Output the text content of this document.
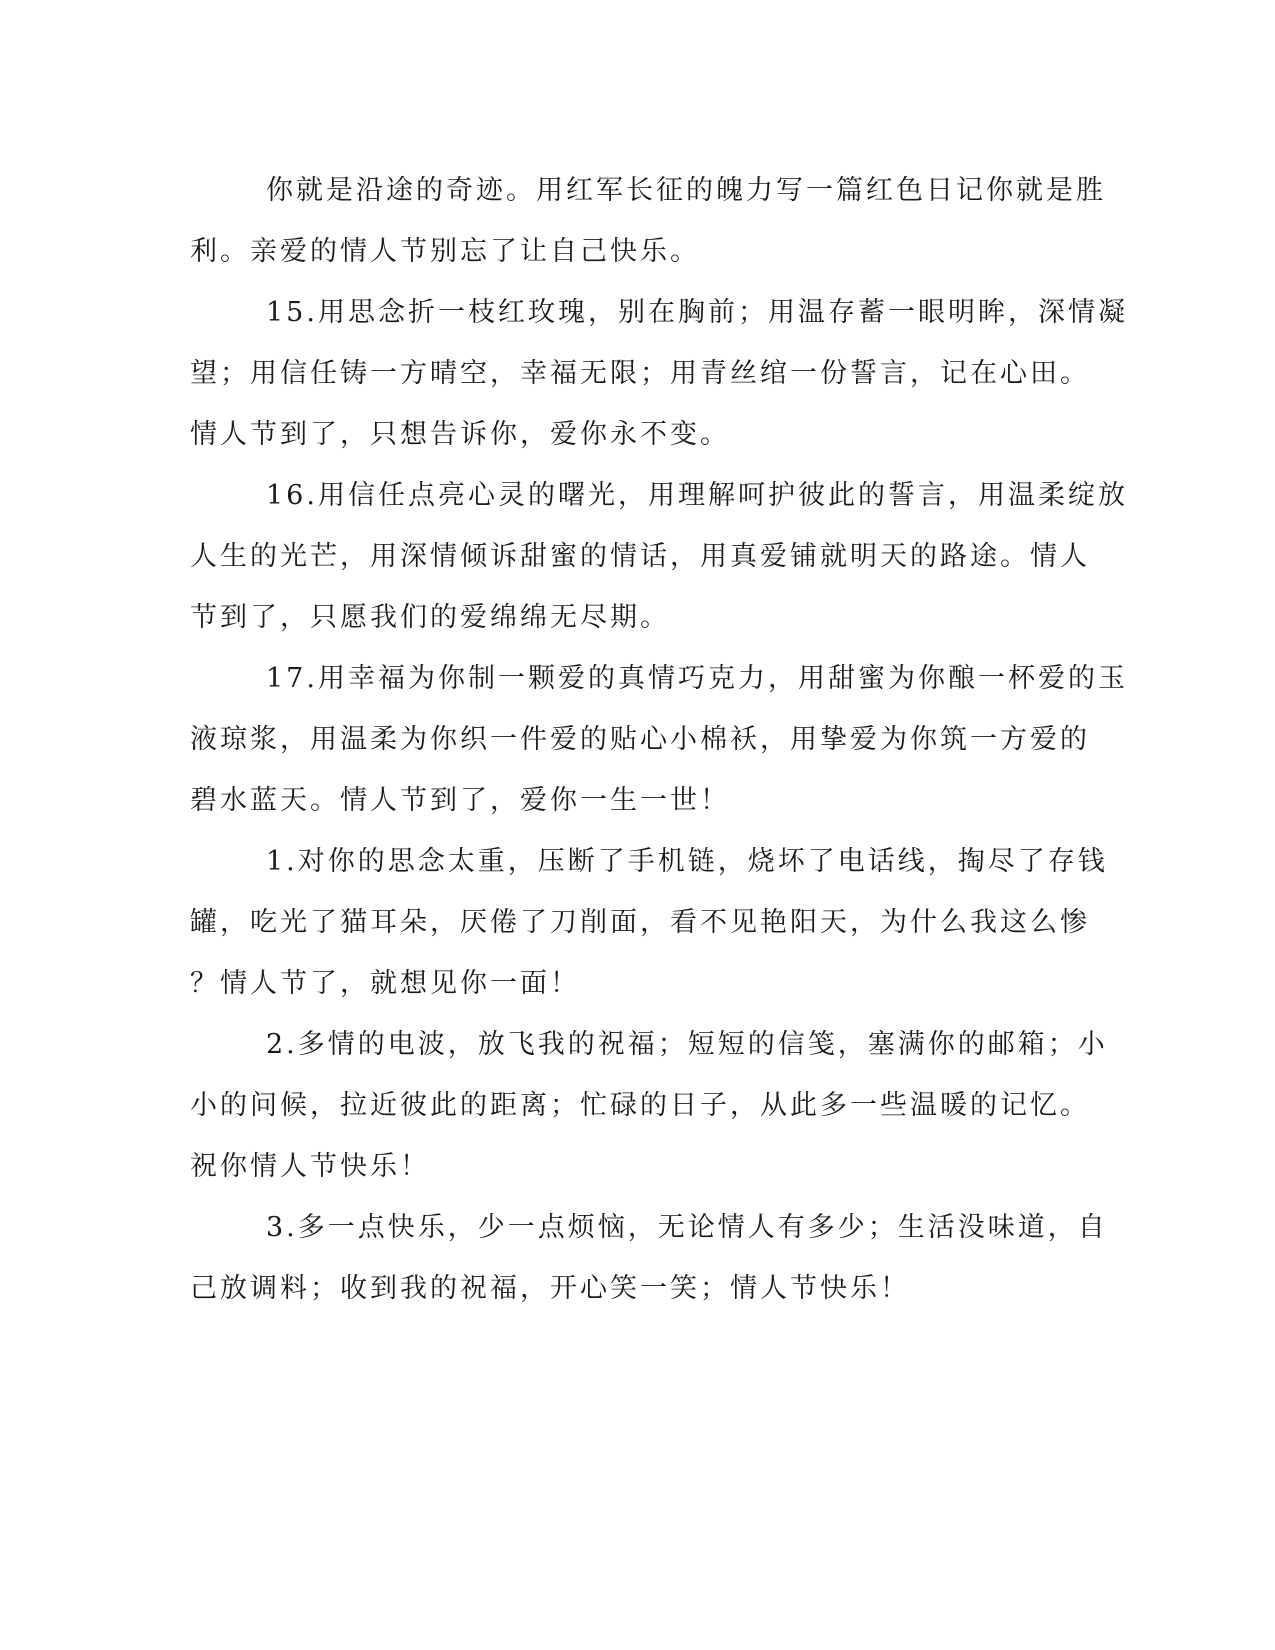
你就是沿途的奇迹。用红军长征的魄力写一篇红色日记你就是胜
利。亲爱的情人节别忘了让自己快乐。

15.用思念折一枝红玫瑰，别在胸前；用温存蓄一眼明眸，深情凝
望；用信任铸一方晴空，幸福无限；用青丝绾一份誓言，记在心田。
情人节到了，只想告诉你，爱你永不变。

16.用信任点亮心灵的曙光，用理解呵护彼此的誓言，用温柔绽放
人生的光芒，用深情倾诉甜蜜的情话，用真爱铺就明天的路途。情人
节到了，只愿我们的爱绵绵无尽期。

17.用幸福为你制一颗爱的真情巧克力，用甜蜜为你酿一杯爱的玉
液琼浆，用温柔为你织一件爱的贴心小棉袄，用挚爱为你筑一方爱的
碧水蓝天。情人节到了，爱你一生一世！

1.对你的思念太重，压断了手机链，烧坏了电话线，掏尽了存钱
罐，吃光了猫耳朵，厌倦了刀削面，看不见艳阳天，为什么我这么惨
？情人节了，就想见你一面！

2.多情的电波，放飞我的祝福；短短的信笺，塞满你的邮箱；小
小的问候，拉近彼此的距离；忙碌的日子，从此多一些温暖的记忆。
祝你情人节快乐！

3.多一点快乐，少一点烦恼，无论情人有多少；生活没味道，自
己放调料；收到我的祝福，开心笑一笑；情人节快乐！
